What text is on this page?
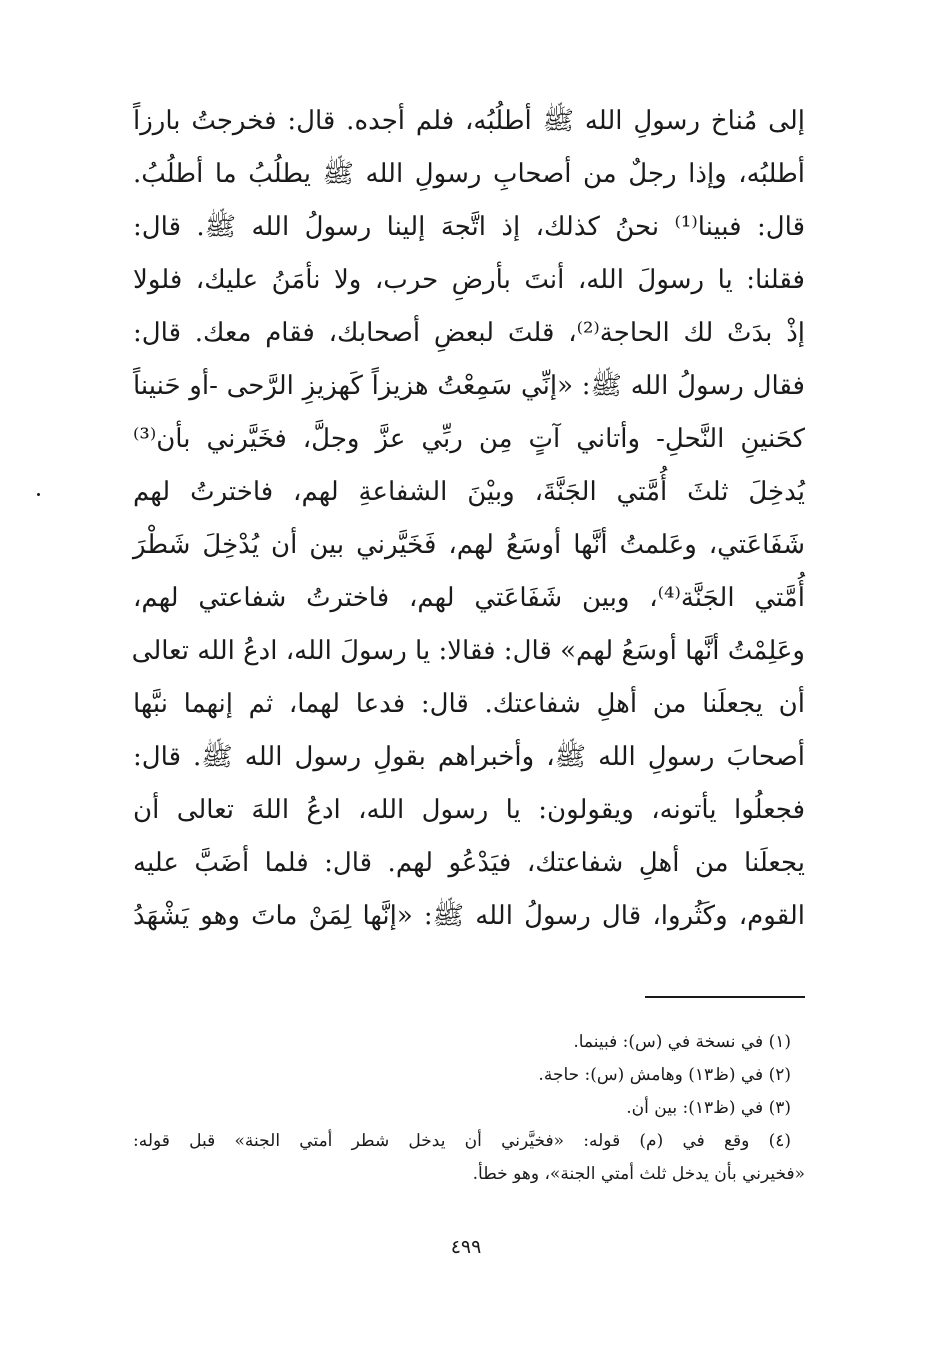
إلى مُناخ رسولِ الله ﷺ أطلُبُه، فلم أجده. قال: فخرجتُ بارزاً
أطلبُه، وإذا رجلٌ من أصحابِ رسولِ الله ﷺ يطلُبُ ما أطلُبُ.
قال: فبينا⁽¹⁾ نحنُ كذلك، إذ اتَّجهَ إلينا رسولُ الله ﷺ. قال:
فقلنا: يا رسولَ الله، أنتَ بأرضِ حرب، ولا نأمَنُ عليك، فلولا
إذْ بدَتْ لك الحاجة⁽²⁾، قلتَ لبعضِ أصحابك، فقام معك. قال:
فقال رسولُ الله ﷺ: «إنِّي سَمِعْتُ هزيزاً كَهزيزِ الرَّحى -أو حَنيناً
كحَنينِ النَّحلِ- وأتاني آتٍ مِن ربِّي عزَّ وجلَّ، فخَيَّرني بأن⁽³⁾
يُدخِلَ ثلثَ أُمَّتي الجَنَّةَ، وبيْنَ الشفاعةِ لهم، فاخترتُ لهم
شَفَاعَتي، وعَلمتُ أنَّها أوسَعُ لهم، فَخَيَّرني بين أن يُدْخِلَ شَطْرَ
أُمَّتي الجَنَّة⁽⁴⁾، وبين شَفَاعَتي لهم، فاخترتُ شفاعتي لهم،
وعَلِمْتُ أنَّها أوسَعُ لهم» قال: فقالا: يا رسولَ الله، ادعُ الله تعالى
أن يجعلَنا من أهلِ شفاعتك. قال: فدعا لهما، ثم إنهما نبَّها
أصحابَ رسولِ الله ﷺ، وأخبراهم بقولِ رسول الله ﷺ. قال:
فجعلُوا يأتونه، ويقولون: يا رسول الله، ادعُ اللهَ تعالى أن
يجعلَنا من أهلِ شفاعتك، فيَدْعُو لهم. قال: فلما أضَبَّ عليه
القوم، وكَثُروا، قال رسولُ الله ﷺ: «إنَّها لِمَنْ ماتَ وهو يَشْهَدُ
(١) في نسخة في (س): فبينما.
(٢) في (ظ١٣) وهامش (س): حاجة.
(٣) في (ظ١٣): بين أن.
(٤) وقع في (م) قوله: «فخيَّرني أن يدخل شطر أمتي الجنة» قبل قوله:
«فخيرني بأن يدخل ثلث أمتي الجنة»، وهو خطأ.
٤٩٩
